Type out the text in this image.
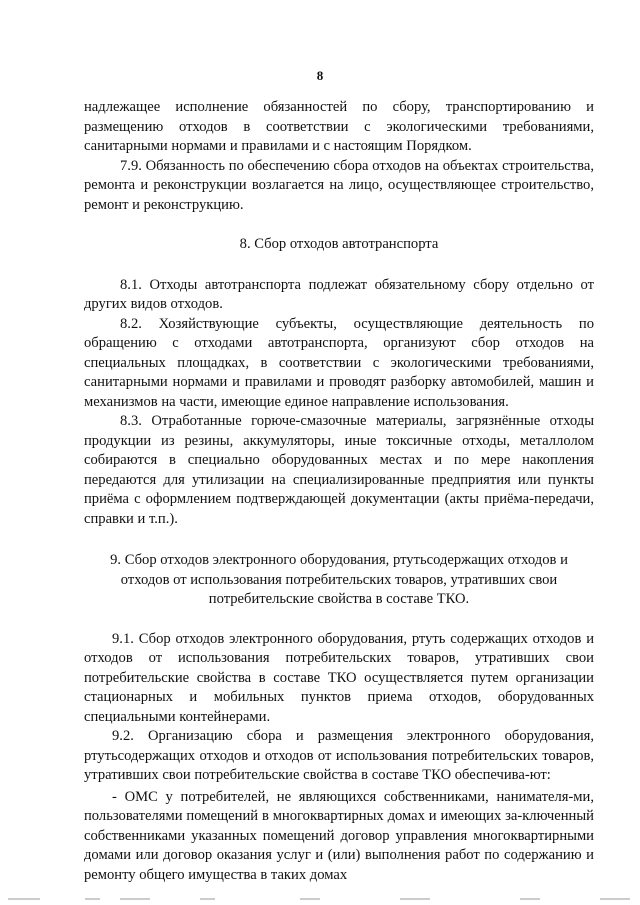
8

надлежащее исполнение обязанностей по сбору, транспортированию и размещению отходов в соответствии с экологическими требованиями, санитарными нормами и правилами и с настоящим Порядком.

7.9. Обязанность по обеспечению сбора отходов на объектах строительства, ремонта и реконструкции возлагается на лицо, осуществляющее строительство, ремонт и реконструкцию.

8. Сбор отходов автотранспорта

8.1. Отходы автотранспорта подлежат обязательному сбору отдельно от других видов отходов.

8.2. Хозяйствующие субъекты, осуществляющие деятельность по обращению с отходами автотранспорта, организуют сбор отходов на специальных площадках, в соответствии с экологическими требованиями, санитарными нормами и правилами и проводят разборку автомобилей, машин и механизмов на части, имеющие единое направление использования.

8.3. Отработанные горюче-смазочные материалы, загрязнённые отходы продукции из резины, аккумуляторы, иные токсичные отходы, металлолом собираются в специально оборудованных местах и по мере накопления передаются для утилизации на специализированные предприятия или пункты приёма с оформлением подтверждающей документации (акты приёма-передачи, справки и т.п.).

9. Сбор отходов электронного оборудования, ртутьсодержащих отходов и отходов от использования потребительских товаров, утративших свои потребительские свойства в составе ТКО.

9.1. Сбор отходов электронного оборудования, ртуть содержащих отходов и отходов от использования потребительских товаров, утративших свои потребительские свойства в составе ТКО осуществляется путем организации стационарных и мобильных пунктов приема отходов, оборудованных специальными контейнерами.

9.2. Организацию сбора и размещения электронного оборудования, ртутьсодержащих отходов и отходов от использования потребительских товаров, утративших свои потребительские свойства в составе ТКО обеспечива-ют:

- ОМС у потребителей, не являющихся собственниками, нанимателя-ми, пользователями помещений в многоквартирных домах и имеющих за-ключенный собственниками указанных помещений договор управления многоквартирными домами или договор оказания услуг и (или) выполнения работ по содержанию и ремонту общего имущества в таких домах
